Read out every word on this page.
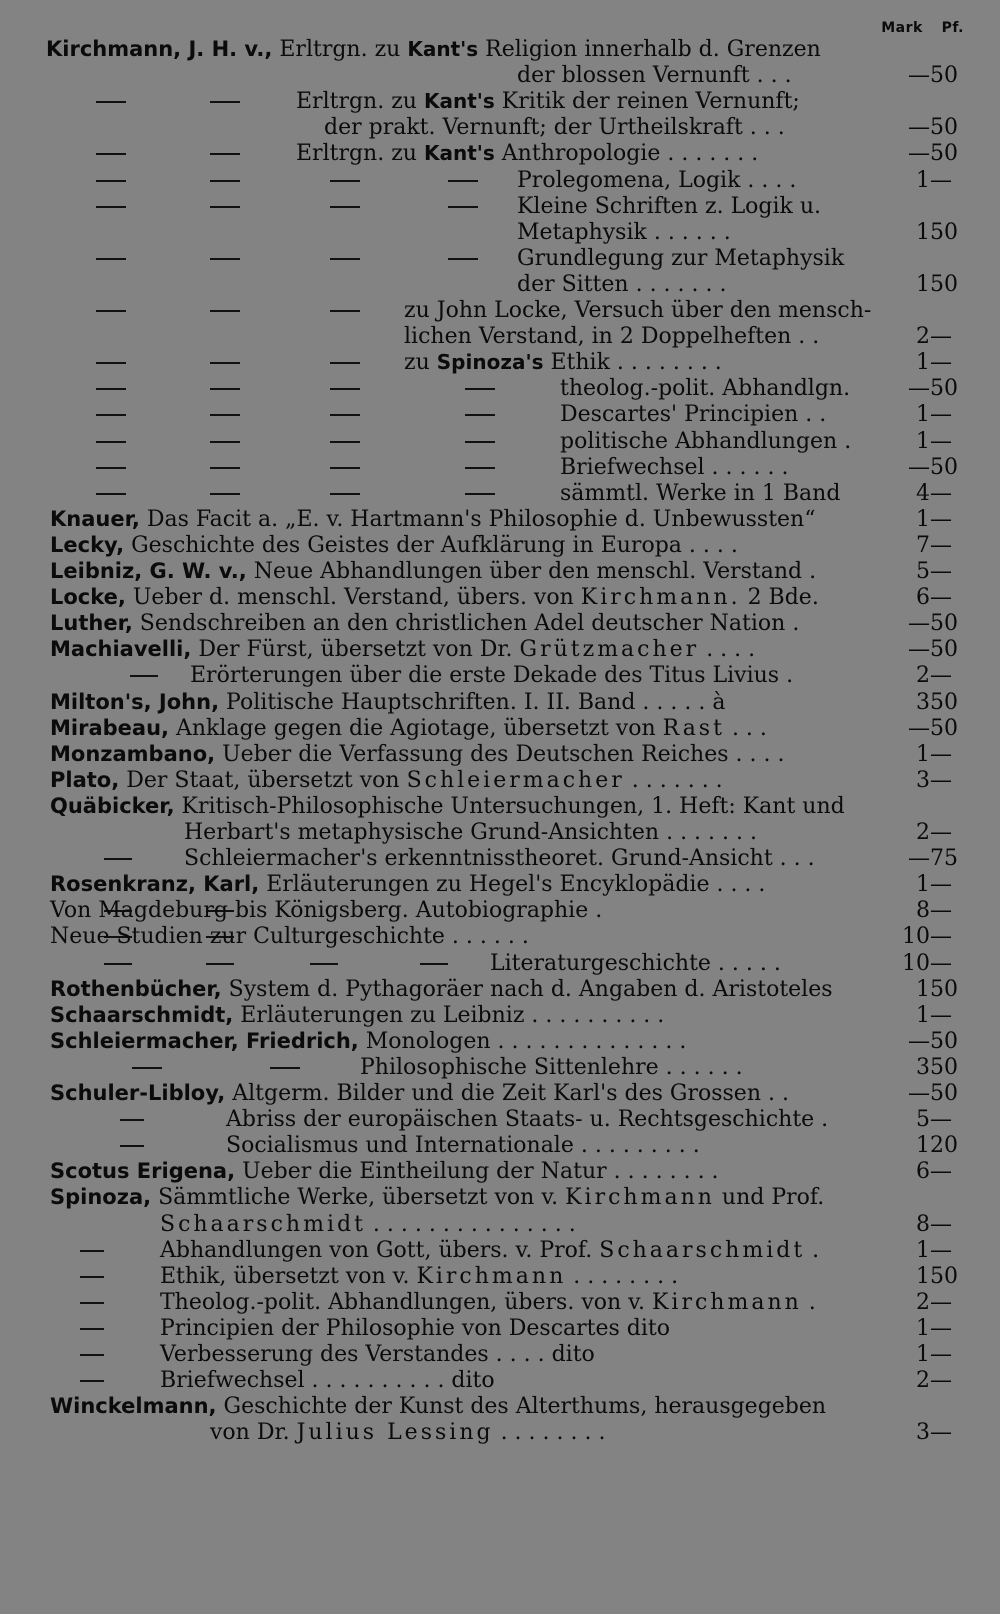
Mark Pf.
Kirchmann, J. H. v., Erltrgn. zu Kant's Religion innerhalb d. Grenzen
der blossen Vernunft . . .	— 50
Erltrgn. zu Kant's Kritik der reinen Vernunft;
der prakt. Vernunft; der Urtheilskraft . . .	— 50
Erltrgn. zu Kant's Anthropologie . . . . . . .	— 50
Prolegomena, Logik . . . .	1 —
Kleine Schriften z. Logik u.
Metaphysik . . . . . .	1 50
Grundlegung zur Metaphysik
der Sitten . . . . . . .	1 50
zu John Locke, Versuch über den mensch-
lichen Verstand, in 2 Doppelheften . .	2 —
zu Spinoza's Ethik . . . . . . . .	1 —
theolog.-polit. Abhandlgn.	— 50
Descartes' Principien . .	1 —
politische Abhandlungen .	1 —
Briefwechsel . . . . . .	— 50
sämmtl. Werke in 1 Band	4 —
Knauer, Das Facit a. „E. v. Hartmann's Philosophie d. Unbewussten“	1 —
Lecky, Geschichte des Geistes der Aufklärung in Europa . . . .	7 —
Leibniz, G. W. v., Neue Abhandlungen über den menschl. Verstand .	5 —
Locke, Ueber d. menschl. Verstand, übers. von Kirchmann. 2 Bde.	6 —
Luther, Sendschreiben an den christlichen Adel deutscher Nation .	— 50
Machiavelli, Der Fürst, übersetzt von Dr. Grützmacher . . . .	— 50
Erörterungen über die erste Dekade des Titus Livius .	2 —
Milton's, John, Politische Hauptschriften. I. II. Band . . . . . à	3 50
Mirabeau, Anklage gegen die Agiotage, übersetzt von Rast . . .	— 50
Monzambano, Ueber die Verfassung des Deutschen Reiches . . . .	1 —
Plato, Der Staat, übersetzt von Schleiermacher . . . . . . .	3 —
Quäbicker, Kritisch-Philosophische Untersuchungen, 1. Heft: Kant und
Herbart's metaphysische Grund-Ansichten . . . . . . .	2 —
Schleiermacher's erkenntnisstheoret. Grund-Ansicht . . .	— 75
Rosenkranz, Karl, Erläuterungen zu Hegel's Encyklopädie . . . .	1 —
Von Magdeburg bis Königsberg. Autobiographie .	8 —
Neue Studien zur Culturgeschichte . . . . . .	10 —
Literaturgeschichte . . . . .	10 —
Rothenbücher, System d. Pythagoräer nach d. Angaben d. Aristoteles	1 50
Schaarschmidt, Erläuterungen zu Leibniz . . . . . . . . . .	1 —
Schleiermacher, Friedrich, Monologen . . . . . . . . . . . . . .	— 50
Philosophische Sittenlehre . . . . . .	3 50
Schuler-Libloy, Altgerm. Bilder und die Zeit Karl's des Grossen . .	— 50
Abriss der europäischen Staats- u. Rechtsgeschichte .	5 —
Socialismus und Internationale . . . . . . . . .	1 20
Scotus Erigena, Ueber die Eintheilung der Natur . . . . . . . .	6 —
Spinoza, Sämmtliche Werke, übersetzt von v. Kirchmann und Prof.
Schaarschmidt . . . . . . . . . . . . . . .	8 —
Abhandlungen von Gott, übers. v. Prof. Schaarschmidt .	1 —
Ethik, übersetzt von v. Kirchmann . . . . . . . .	1 50
Theolog.-polit. Abhandlungen, übers. von v. Kirchmann .	2 —
Principien der Philosophie von Descartes dito	1 —
Verbesserung des Verstandes . . . . dito	1 —
Briefwechsel . . . . . . . . . . dito	2 —
Winckelmann, Geschichte der Kunst des Alterthums, herausgegeben
von Dr. Julius Lessing . . . . . . . .	3 —
